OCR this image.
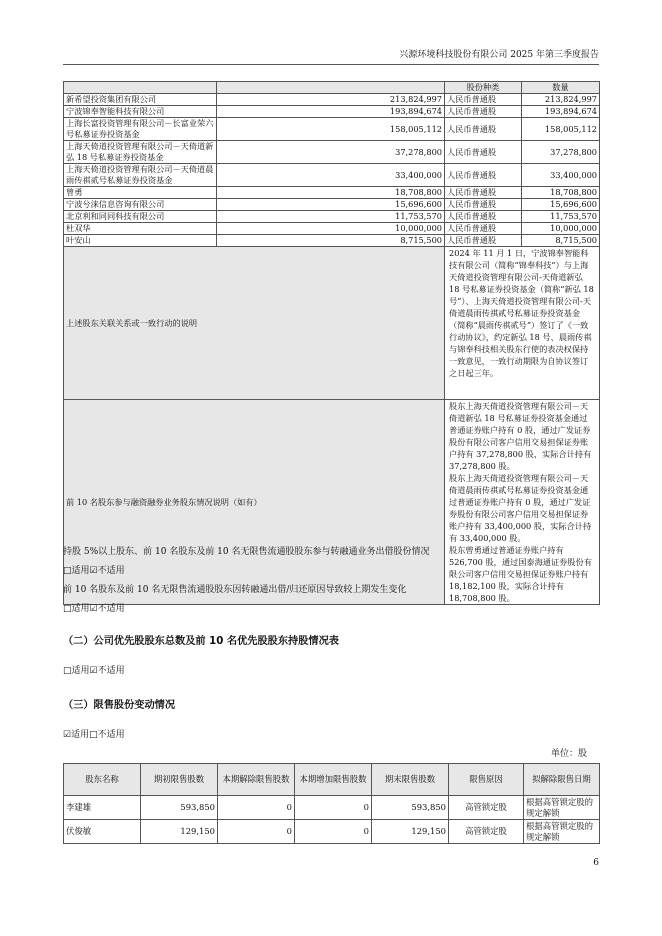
兴源环境科技股份有限公司 2025 年第三季度报告
		股份种类	数量
新希望投资集团有限公司	213,824,997	人民币普通股	213,824,997
宁波锦奉智能科技有限公司	193,894,674	人民币普通股	193,894,674
上海长富投资管理有限公司－长富业荣六号私募证券投资基金	158,005,112	人民币普通股	158,005,112
上海天倚道投资管理有限公司－天倚道新弘 18 号私募证券投资基金	37,278,800	人民币普通股	37,278,800
上海天倚道投资管理有限公司－天倚道晨雨传祺贰号私募证券投资基金	33,400,000	人民币普通股	33,400,000
曾勇	18,708,800	人民币普通股	18,708,800
宁波兮涞信息咨询有限公司	15,696,600	人民币普通股	15,696,600
北京利和同同科技有限公司	11,753,570	人民币普通股	11,753,570
杜双华	10,000,000	人民币普通股	10,000,000
叶安山	8,715,500	人民币普通股	8,715,500
上述股东关联关系或一致行动的说明		2024 年 11 月 1 日，宁波锦奉智能科技有限公司（简称“锦奉科技”）与上海天倚道投资管理有限公司-天倚道新弘 18 号私募证券投资基金（简称“新弘 18 号”）、上海天倚道投资管理有限公司-天倚道晨雨传祺贰号私募证券投资基金（简称“晨雨传祺贰号”）签订了《一致行动协议》，约定新弘 18 号、晨雨传祺与锦奉科技相关股东行使的表决权保持一致意见，一致行动期限为自协议签订之日起三年。	
前 10 名股东参与融资融券业务股东情况说明（如有）		股东上海天倚道投资管理有限公司－天倚道新弘 18 号私募证券投资基金通过普通证券账户持有 0 股，通过广发证券股份有限公司客户信用交易担保证券账户持有 37,278,800 股，实际合计持有 37,278,800 股。
股东上海天倚道投资管理有限公司－天倚道晨雨传祺贰号私募证券投资基金通过普通证券账户持有 0 股，通过广发证券股份有限公司客户信用交易担保证券账户持有 33,400,000 股，实际合计持有 33,400,000 股。
股东曾勇通过普通证券账户持有 526,700 股，通过国泰海通证券股份有限公司客户信用交易担保证券账户持有 18,182,100 股，实际合计持有 18,708,800 股。	
持股 5%以上股东、前 10 名股东及前 10 名无限售流通股股东参与转融通业务出借股份情况
□适用☑不适用
前 10 名股东及前 10 名无限售流通股股东因转融通出借/归还原因导致较上期发生变化
□适用☑不适用
（二）公司优先股股东总数及前 10 名优先股股东持股情况表
□适用☑不适用
（三）限售股份变动情况
☑适用□不适用
单位：股
股东名称	期初限售股数	本期解除限售股数	本期增加限售股数	期末限售股数	限售原因	拟解除限售日期
李建雄	593,850	0	0	593,850	高管锁定股	根据高管锁定股的规定解锁
伏俊敏	129,150	0	0	129,150	高管锁定股	根据高管锁定股的规定解锁
6
